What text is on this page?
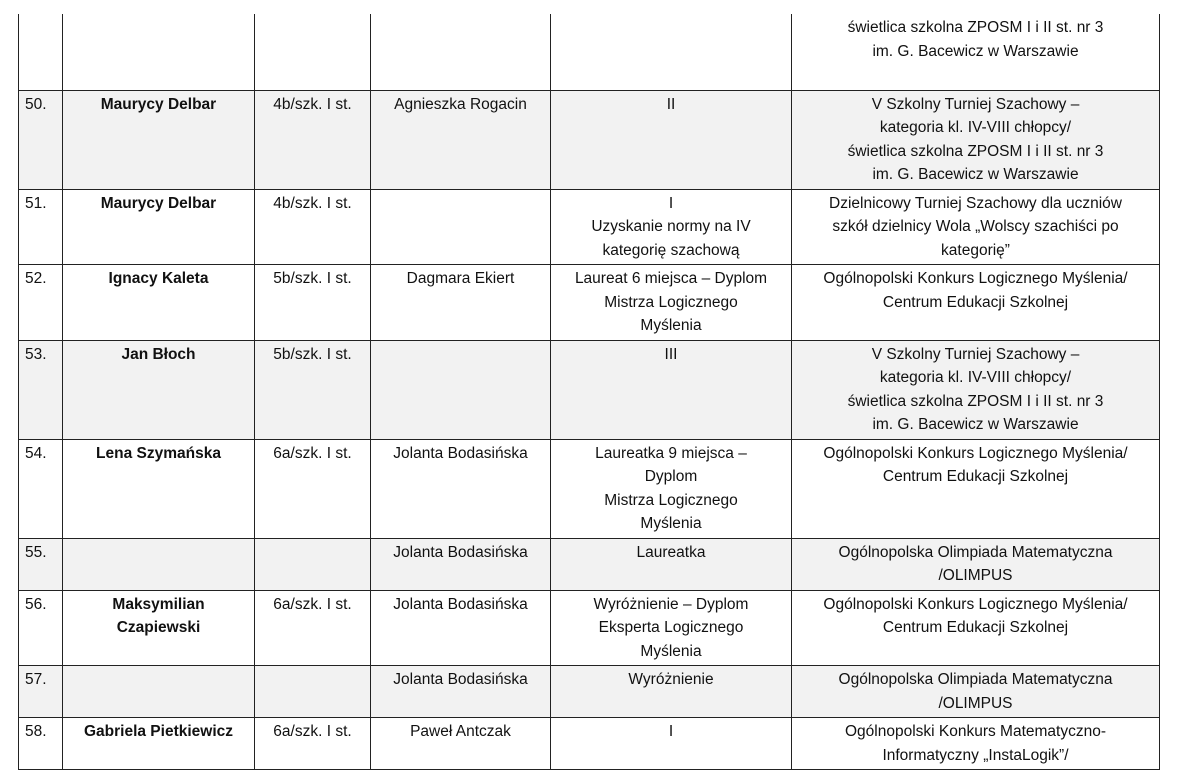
					świetlica szkolna ZPOSM I i II st. nr 3
im. G. Bacewicz w Warszawie

50.	Maurycy Delbar	4b/szk. I st.	Agnieszka Rogacin	II	V Szkolny Turniej Szachowy –
kategoria kl. IV-VIII chłopcy/
świetlica szkolna ZPOSM I i II st. nr 3
im. G. Bacewicz w Warszawie

51.	Maurycy Delbar	4b/szk. I st.		I
Uzyskanie normy na IV
kategorię szachową	Dzielnicowy Turniej Szachowy dla uczniów
szkół dzielnicy Wola „Wolscy szachiści po
kategorię”

52.	Ignacy Kaleta	5b/szk. I st.	Dagmara Ekiert	Laureat 6 miejsca – Dyplom
Mistrza Logicznego
Myślenia	Ogólnopolski Konkurs Logicznego Myślenia/
Centrum Edukacji Szkolnej

53.	Jan Błoch	5b/szk. I st.		III	V Szkolny Turniej Szachowy –
kategoria kl. IV-VIII chłopcy/
świetlica szkolna ZPOSM I i II st. nr 3
im. G. Bacewicz w Warszawie

54.	Lena Szymańska	6a/szk. I st.	Jolanta Bodasińska	Laureatka 9 miejsca –
Dyplom
Mistrza Logicznego
Myślenia	Ogólnopolski Konkurs Logicznego Myślenia/
Centrum Edukacji Szkolnej

55.			Jolanta Bodasińska	Laureatka	Ogólnopolska Olimpiada Matematyczna
/OLIMPUS

56.	Maksymilian
Czapiewski	6a/szk. I st.	Jolanta Bodasińska	Wyróżnienie – Dyplom
Eksperta Logicznego
Myślenia	Ogólnopolski Konkurs Logicznego Myślenia/
Centrum Edukacji Szkolnej

57.			Jolanta Bodasińska	Wyróżnienie	Ogólnopolska Olimpiada Matematyczna
/OLIMPUS

58.	Gabriela Pietkiewicz	6a/szk. I st.	Paweł Antczak	I	Ogólnopolski Konkurs Matematyczno-
Informatyczny „InstaLogik”/
